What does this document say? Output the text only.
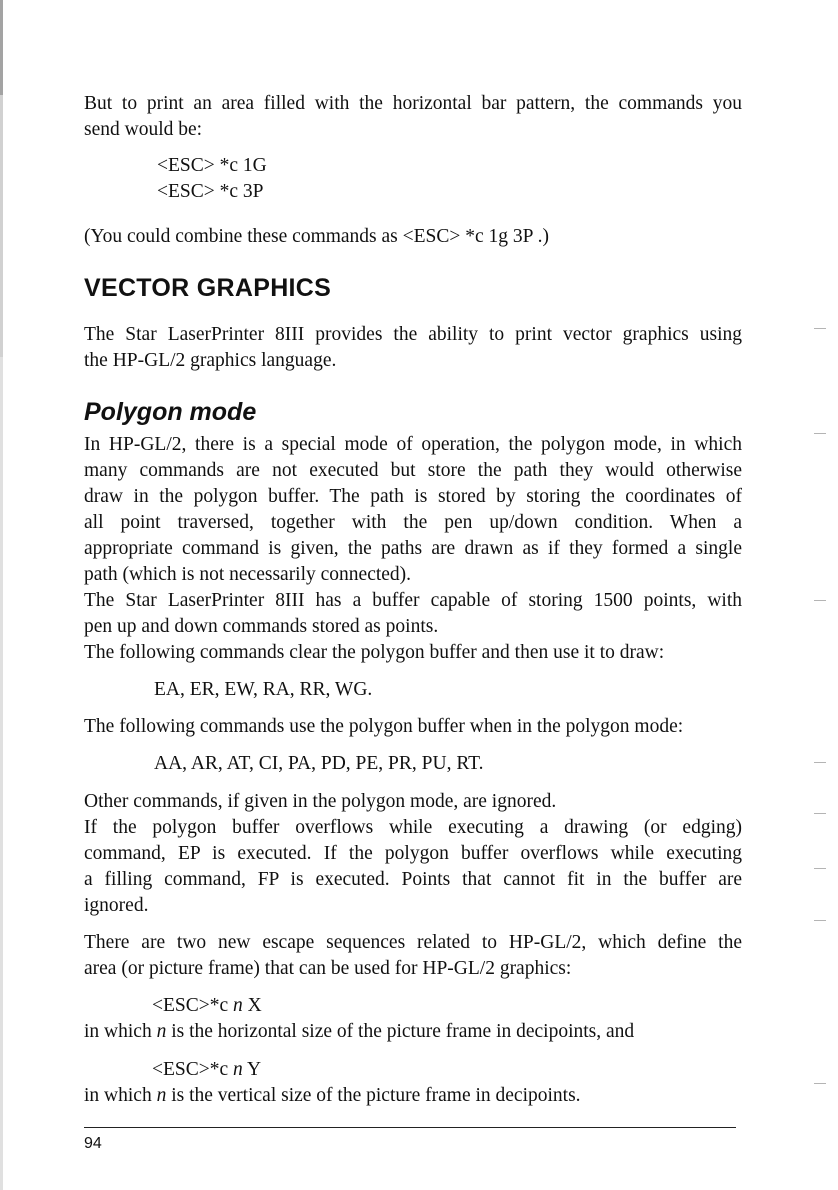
But to print an area filled with the horizontal bar pattern, the commands you
send would be:
<ESC> *c 1G
<ESC> *c 3P
(You could combine these commands as <ESC> *c 1g 3P .)
VECTOR GRAPHICS
The Star LaserPrinter 8III provides the ability to print vector graphics using
the HP-GL/2 graphics language.
Polygon mode
In HP-GL/2, there is a special mode of operation, the polygon mode, in which
many commands are not executed but store the path they would otherwise
draw in the polygon buffer. The path is stored by storing the coordinates of
all point traversed, together with the pen up/down condition. When a
appropriate command is given, the paths are drawn as if they formed a single
path (which is not necessarily connected).
The Star LaserPrinter 8III has a buffer capable of storing 1500 points, with
pen up and down commands stored as points.
The following commands clear the polygon buffer and then use it to draw:
EA, ER, EW, RA, RR, WG.
The following commands use the polygon buffer when in the polygon mode:
AA, AR, AT, CI, PA, PD, PE, PR, PU, RT.
Other commands, if given in the polygon mode, are ignored.
If the polygon buffer overflows while executing a drawing (or edging)
command, EP is executed. If the polygon buffer overflows while executing
a filling command, FP is executed. Points that cannot fit in the buffer are
ignored.
There are two new escape sequences related to HP-GL/2, which define the
area (or picture frame) that can be used for HP-GL/2 graphics:
<ESC>*c n X
in which n is the horizontal size of the picture frame in decipoints, and
<ESC>*c n Y
in which n is the vertical size of the picture frame in decipoints.
94
